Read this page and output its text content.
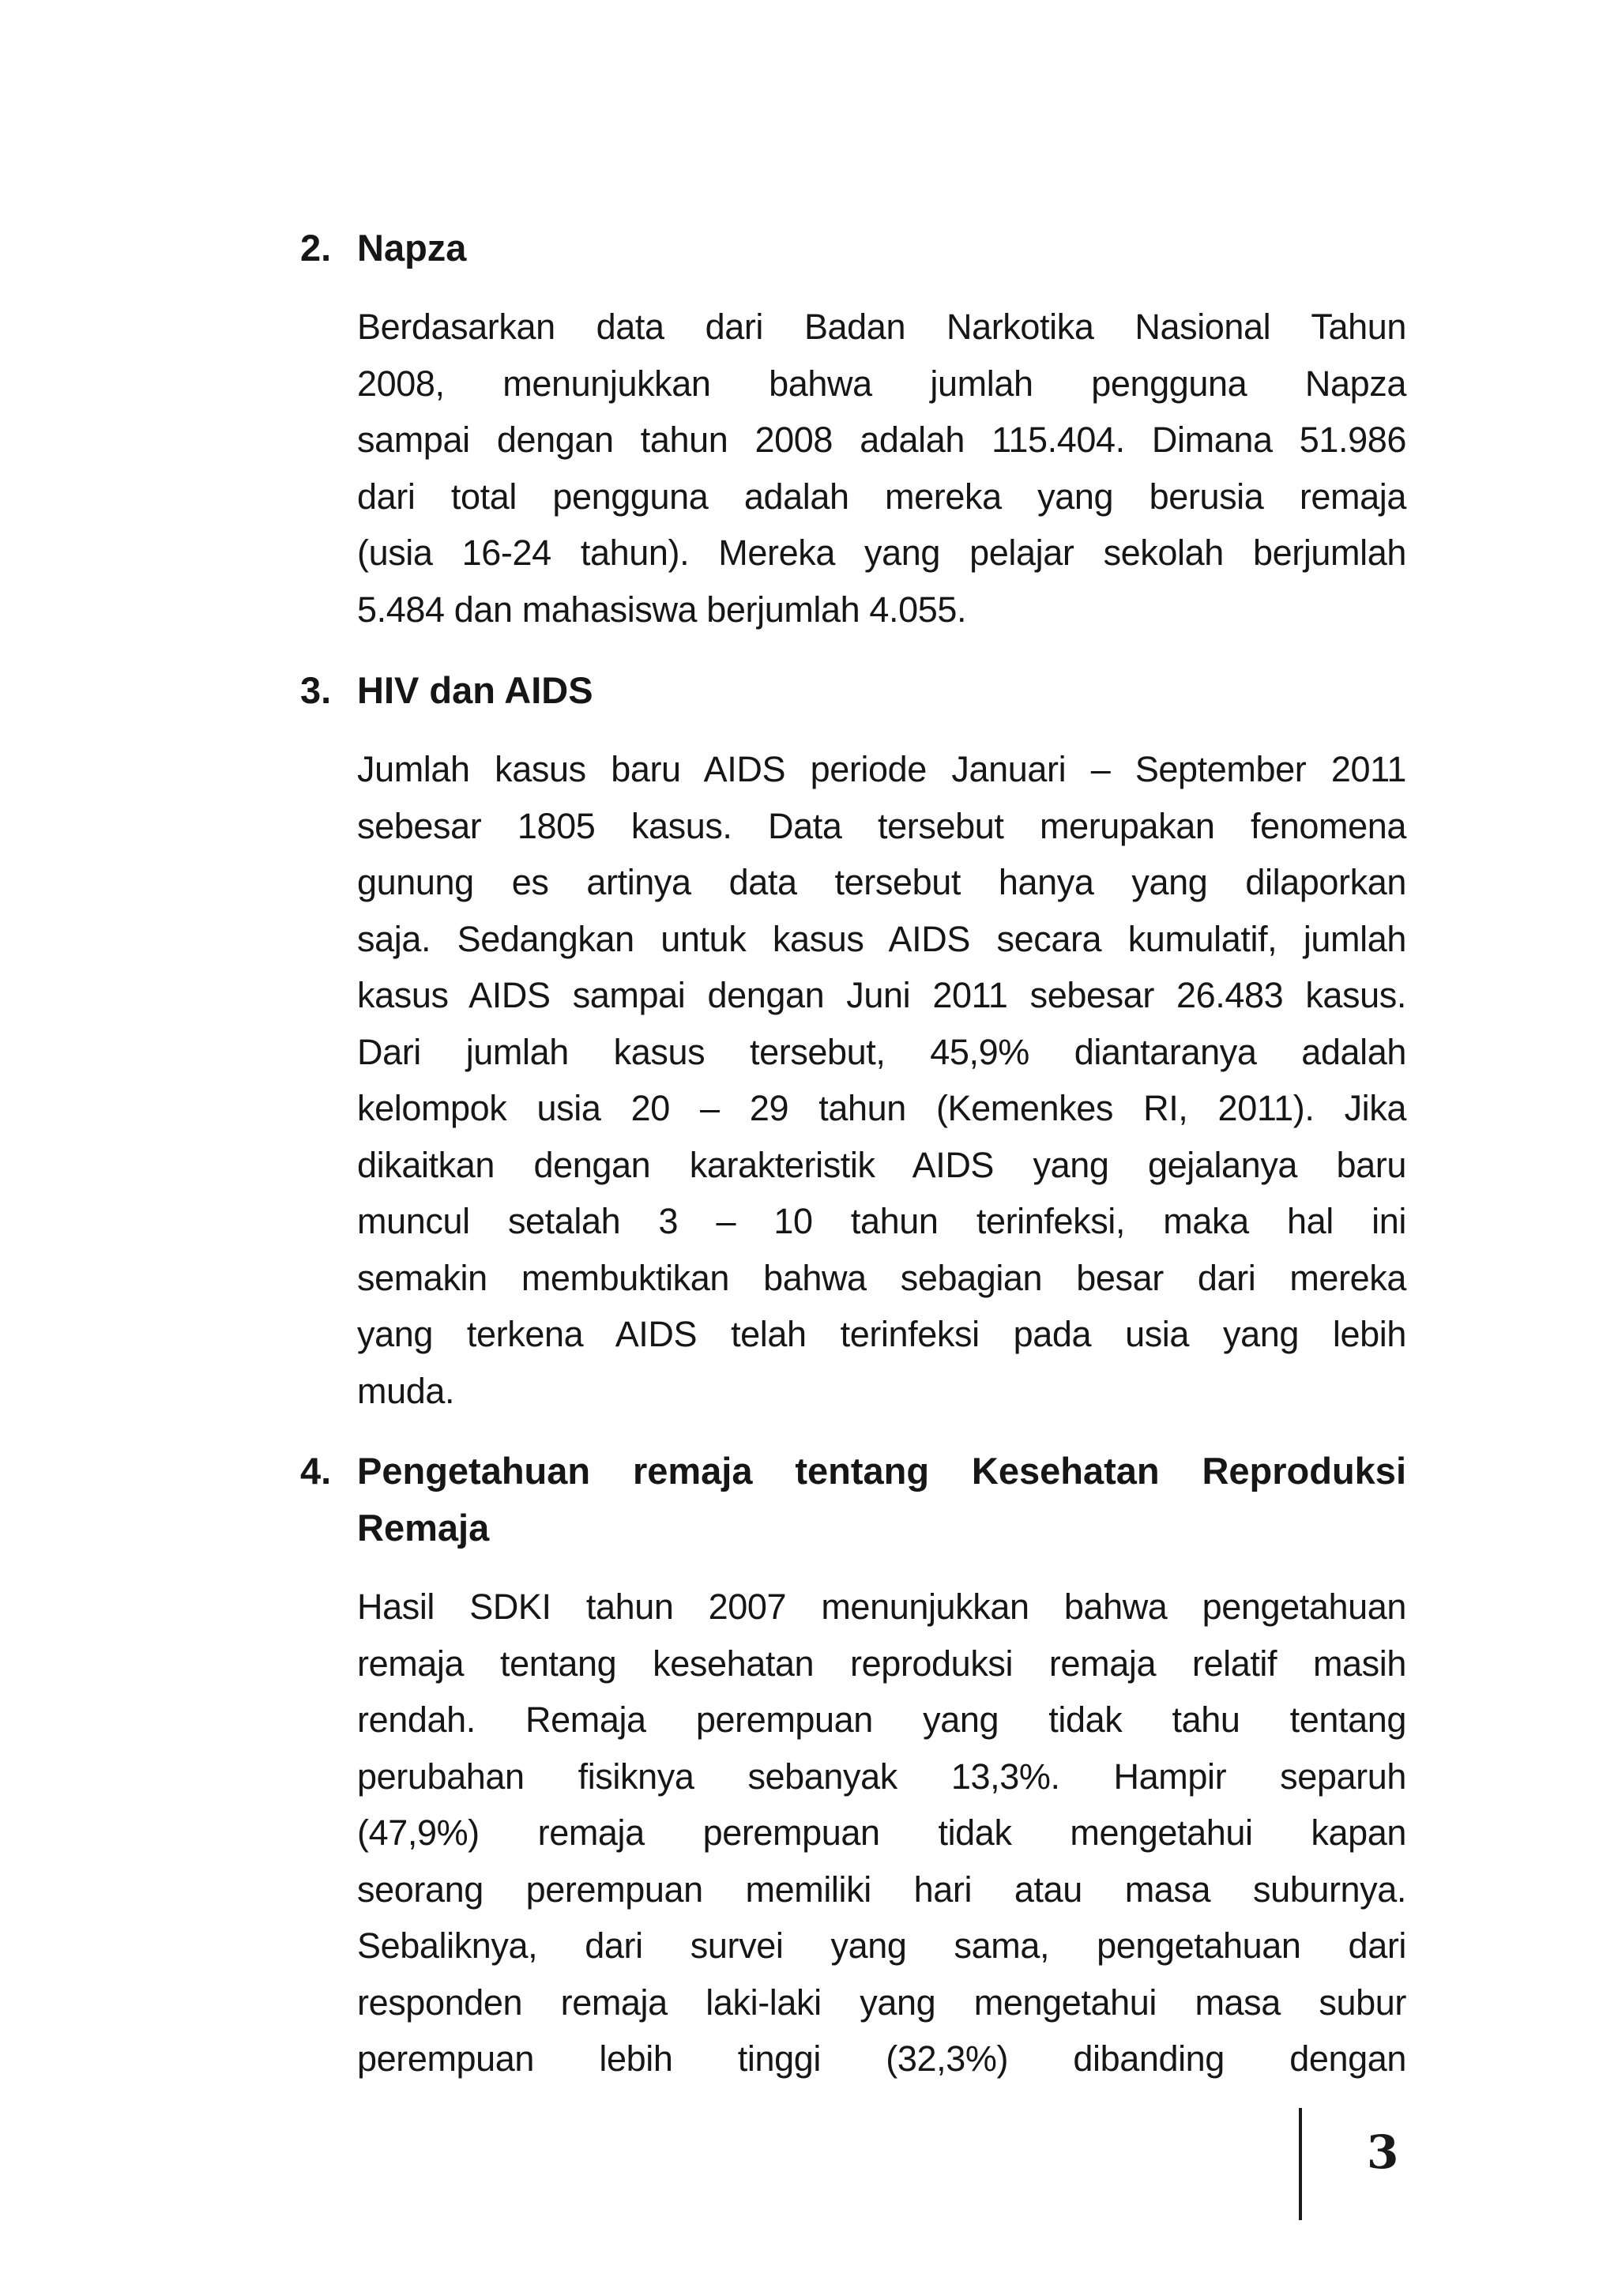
2. Napza
Berdasarkan data dari Badan Narkotika Nasional Tahun
2008, menunjukkan bahwa jumlah pengguna Napza
sampai dengan tahun 2008 adalah 115.404. Dimana 51.986
dari total pengguna adalah mereka yang berusia remaja
(usia 16-24 tahun). Mereka yang pelajar sekolah berjumlah
5.484 dan mahasiswa berjumlah 4.055.
3. HIV dan AIDS
Jumlah kasus baru AIDS periode Januari – September 2011
sebesar 1805 kasus. Data tersebut merupakan fenomena
gunung es artinya data tersebut hanya yang dilaporkan
saja. Sedangkan untuk kasus AIDS secara kumulatif, jumlah
kasus AIDS sampai dengan Juni 2011 sebesar 26.483 kasus.
Dari jumlah kasus tersebut, 45,9% diantaranya adalah
kelompok usia 20 – 29 tahun (Kemenkes RI, 2011). Jika
dikaitkan dengan karakteristik AIDS yang gejalanya baru
muncul setalah 3 – 10 tahun terinfeksi, maka hal ini
semakin membuktikan bahwa sebagian besar dari mereka
yang terkena AIDS telah terinfeksi pada usia yang lebih
muda.
4. Pengetahuan remaja tentang Kesehatan Reproduksi
Remaja
Hasil SDKI tahun 2007 menunjukkan bahwa pengetahuan
remaja tentang kesehatan reproduksi remaja relatif masih
rendah. Remaja perempuan yang tidak tahu tentang
perubahan fisiknya sebanyak 13,3%. Hampir separuh
(47,9%) remaja perempuan tidak mengetahui kapan
seorang perempuan memiliki hari atau masa suburnya.
Sebaliknya, dari survei yang sama, pengetahuan dari
responden remaja laki-laki yang mengetahui masa subur
perempuan lebih tinggi (32,3%) dibanding dengan
3
